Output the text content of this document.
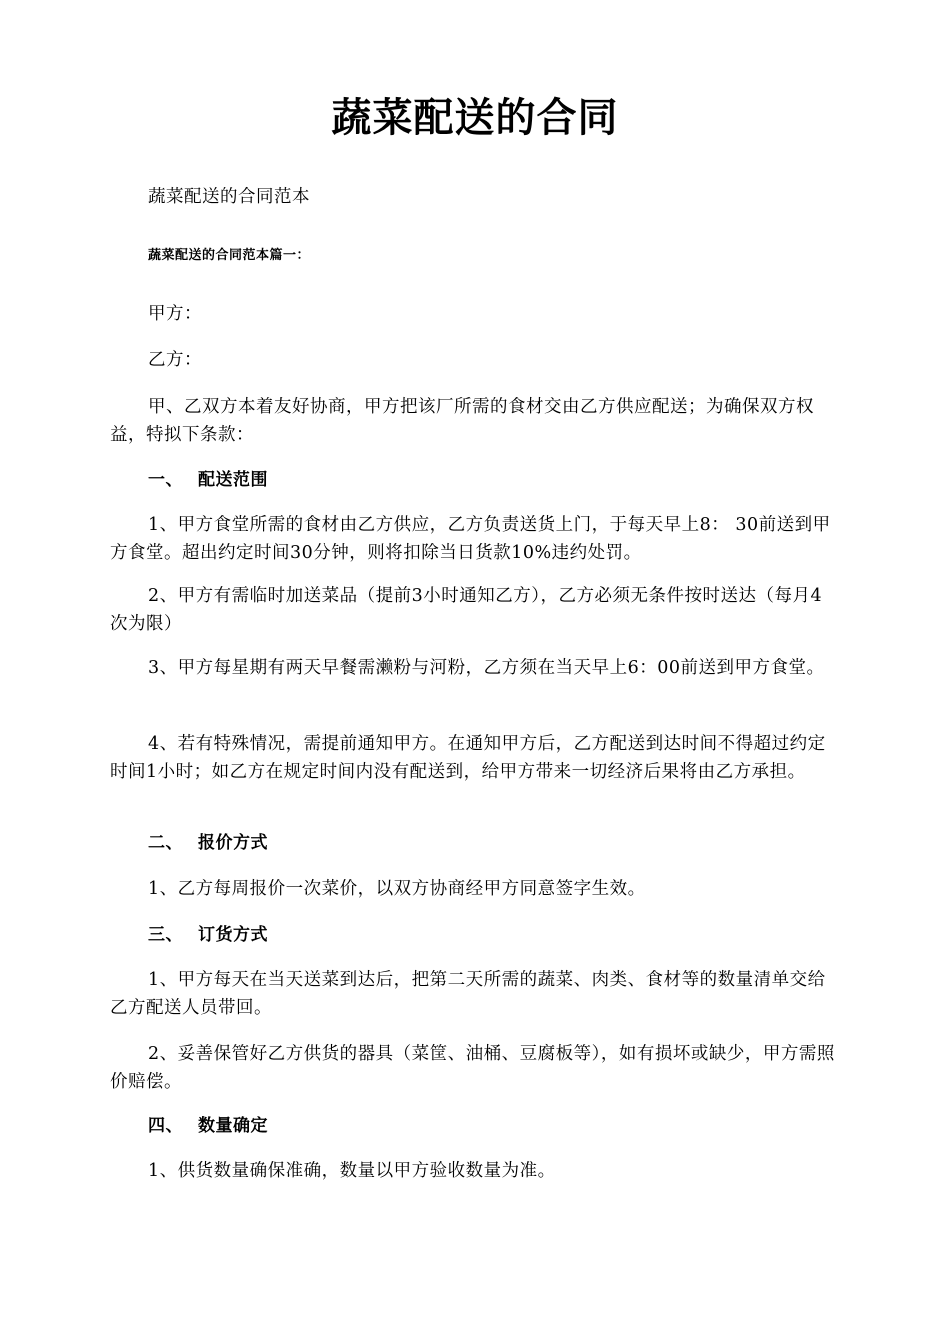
蔬菜配送的合同
蔬菜配送的合同范本
蔬菜配送的合同范本篇一：
甲方：
乙方：
甲、乙双方本着友好协商，甲方把该厂所需的食材交由乙方供应配送；为确保双方权益，特拟下条款：
一、 配送范围
1、甲方食堂所需的食材由乙方供应，乙方负责送货上门，于每天早上8： 30前送到甲方食堂。超出约定时间30分钟，则将扣除当日货款10%违约处罚。
2、甲方有需临时加送菜品（提前3小时通知乙方），乙方必须无条件按时送达（每月4次为限）
3、甲方每星期有两天早餐需濑粉与河粉，乙方须在当天早上6：00前送到甲方食堂。
4、若有特殊情况，需提前通知甲方。在通知甲方后，乙方配送到达时间不得超过约定时间1小时；如乙方在规定时间内没有配送到，给甲方带来一切经济后果将由乙方承担。
二、 报价方式
1、乙方每周报价一次菜价，以双方协商经甲方同意签字生效。
三、 订货方式
1、甲方每天在当天送菜到达后，把第二天所需的蔬菜、肉类、食材等的数量清单交给乙方配送人员带回。
2、妥善保管好乙方供货的器具（菜筐、油桶、豆腐板等），如有损坏或缺少，甲方需照价赔偿。
四、 数量确定
1、供货数量确保准确，数量以甲方验收数量为准。
